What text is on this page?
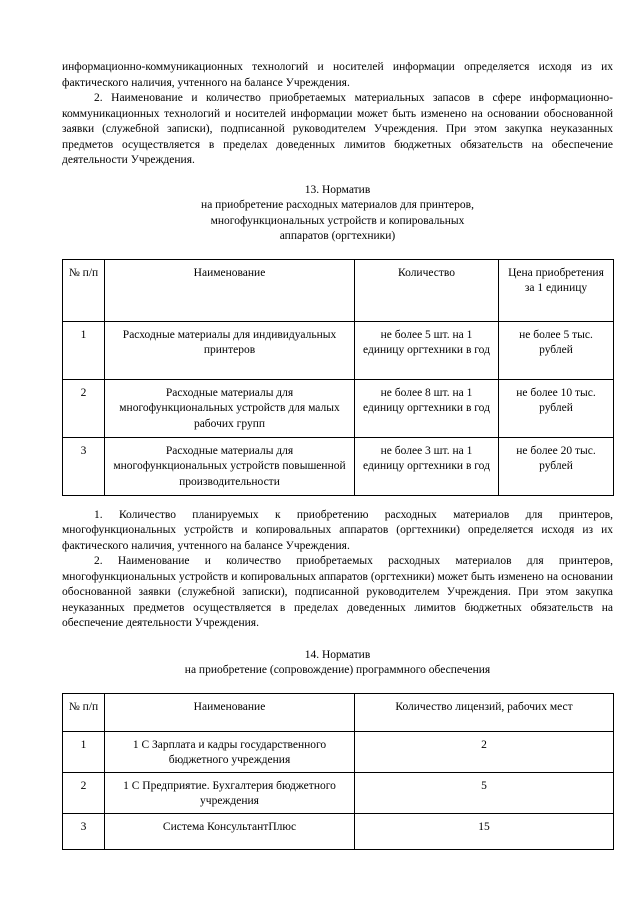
информационно-коммуникационных технологий и носителей информации определяется исходя из их фактического наличия, учтенного на балансе Учреждения.

2. Наименование и количество приобретаемых материальных запасов в сфере информационно-коммуникационных технологий и носителей информации может быть изменено на основании обоснованной заявки (служебной записки), подписанной руководителем Учреждения. При этом закупка неуказанных предметов осуществляется в пределах доведенных лимитов бюджетных обязательств на обеспечение деятельности Учреждения.

13. Норматив
на приобретение расходных материалов для принтеров,
многофункциональных устройств и копировальных
аппаратов (оргтехники)
№ п/п	Наименование	Количество	Цена приобретения за 1 единицу
1	Расходные материалы для индивидуальных принтеров	не более 5 шт. на 1 единицу оргтехники в год	не более 5 тыс. рублей
2	Расходные материалы для многофункциональных устройств для малых рабочих групп	не более 8 шт. на 1 единицу оргтехники в год	не более 10 тыс. рублей
3	Расходные материалы для многофункциональных устройств повышенной производительности	не более 3 шт. на 1 единицу оргтехники в год	не более 20 тыс. рублей

1. Количество планируемых к приобретению расходных материалов для принтеров, многофункциональных устройств и копировальных аппаратов (оргтехники) определяется исходя из их фактического наличия, учтенного на балансе Учреждения.

2. Наименование и количество приобретаемых расходных материалов для принтеров, многофункциональных устройств и копировальных аппаратов (оргтехники) может быть изменено на основании обоснованной заявки (служебной записки), подписанной руководителем Учреждения. При этом закупка неуказанных предметов осуществляется в пределах доведенных лимитов бюджетных обязательств на обеспечение деятельности Учреждения.

14. Норматив
на приобретение (сопровождение) программного обеспечения
№ п/п	Наименование	Количество лицензий, рабочих мест
1	1 С Зарплата и кадры государственного бюджетного учреждения	2
2	1 С Предприятие. Бухгалтерия бюджетного учреждения	5
3	Система КонсультантПлюс	15
